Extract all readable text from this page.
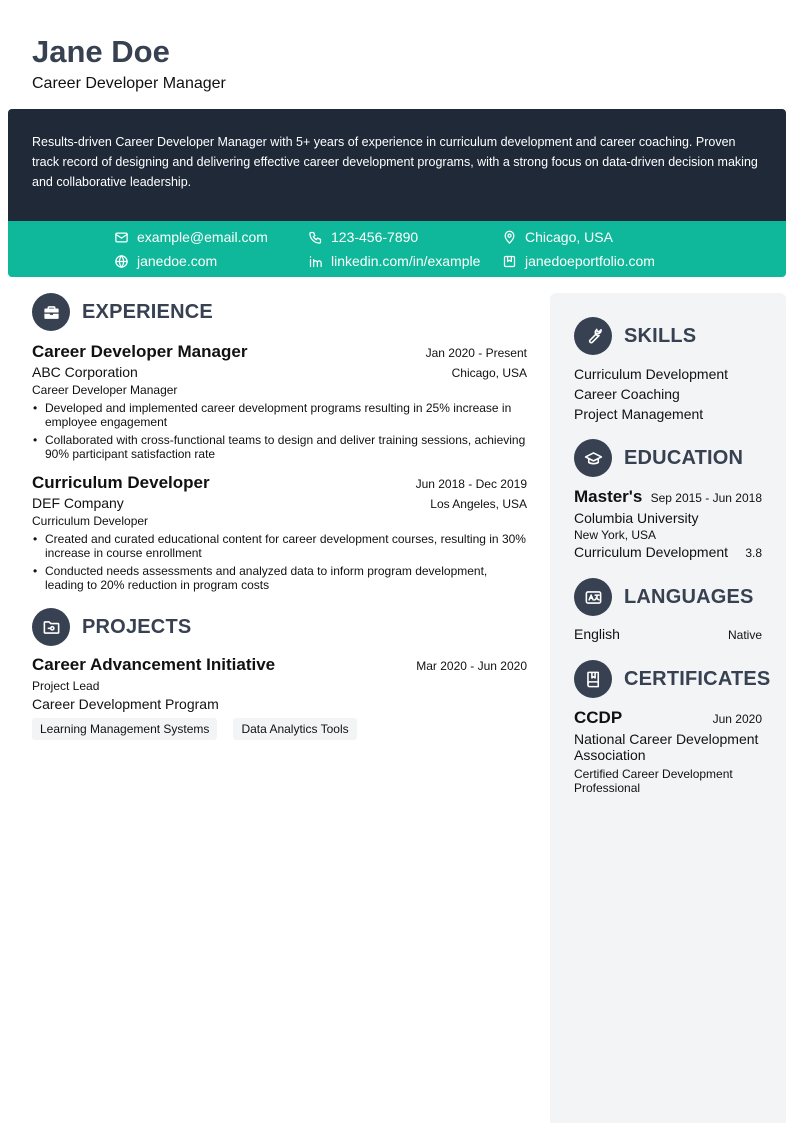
Jane Doe
Career Developer Manager

Results-driven Career Developer Manager with 5+ years of experience in curriculum development and career coaching. Proven track record of designing and delivering effective career development programs, with a strong focus on data-driven decision making and collaborative leadership.

example@email.com	123-456-7890	Chicago, USA
janedoe.com	linkedin.com/in/example	janedoeportfolio.com
EXPERIENCE
Career Developer Manager	Jan 2020 - Present
ABC Corporation	Chicago, USA
Career Developer Manager
• Developed and implemented career development programs resulting in 25% increase in employee engagement
• Collaborated with cross-functional teams to design and deliver training sessions, achieving 90% participant satisfaction rate
Curriculum Developer	Jun 2018 - Dec 2019
DEF Company	Los Angeles, USA
Curriculum Developer
• Created and curated educational content for career development courses, resulting in 30% increase in course enrollment
• Conducted needs assessments and analyzed data to inform program development, leading to 20% reduction in program costs
PROJECTS
Career Advancement Initiative	Mar 2020 - Jun 2020
Project Lead
Career Development Program
Learning Management Systems	Data Analytics Tools
SKILLS
Curriculum Development
Career Coaching
Project Management
EDUCATION
Master's Sep 2015 - Jun 2018
Columbia University
New York, USA
Curriculum Development 3.8
LANGUAGES
English	Native
CERTIFICATES
CCDP	Jun 2020
National Career Development Association
Certified Career Development Professional
